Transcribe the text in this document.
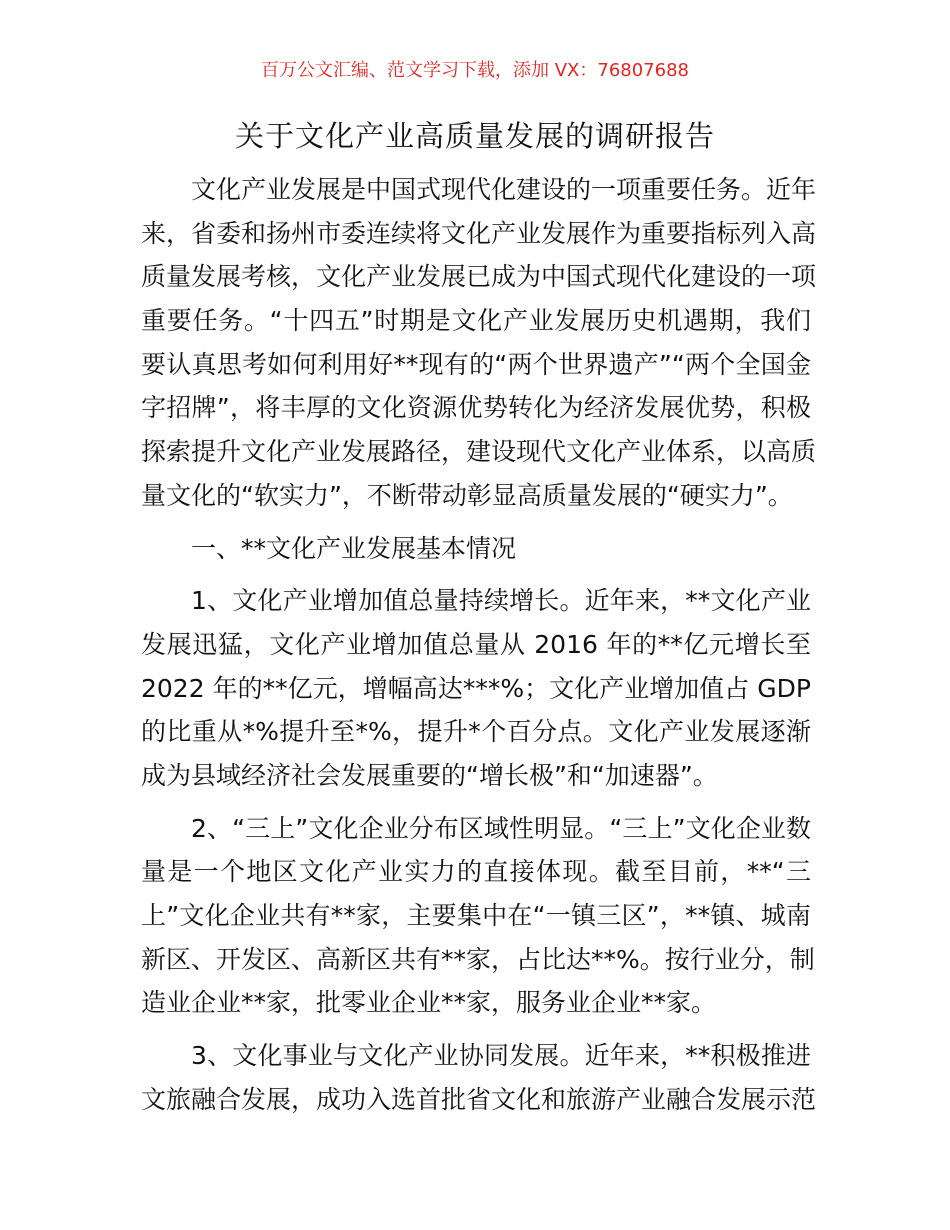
百万公文汇编、范文学习下载，添加 VX：76807688
关于文化产业高质量发展的调研报告
文化产业发展是中国式现代化建设的一项重要任务。近年
来，省委和扬州市委连续将文化产业发展作为重要指标列入高
质量发展考核，文化产业发展已成为中国式现代化建设的一项
重要任务。“十四五”时期是文化产业发展历史机遇期，我们
要认真思考如何利用好**现有的“两个世界遗产”“两个全国金
字招牌”，将丰厚的文化资源优势转化为经济发展优势，积极
探索提升文化产业发展路径，建设现代文化产业体系，以高质
量文化的“软实力”，不断带动彰显高质量发展的“硬实力”。
一、**文化产业发展基本情况
1、文化产业增加值总量持续增长。近年来，**文化产业
发展迅猛，文化产业增加值总量从 2016 年的**亿元增长至
2022 年的**亿元，增幅高达***%；文化产业增加值占 GDP
的比重从*%提升至*%，提升*个百分点。文化产业发展逐渐
成为县域经济社会发展重要的“增长极”和“加速器”。
2、“三上”文化企业分布区域性明显。“三上”文化企业数
量是一个地区文化产业实力的直接体现。截至目前，**“三
上”文化企业共有**家，主要集中在“一镇三区”，**镇、城南
新区、开发区、高新区共有**家，占比达**%。按行业分，制
造业企业**家，批零业企业**家，服务业企业**家。
3、文化事业与文化产业协同发展。近年来，**积极推进
文旅融合发展，成功入选首批省文化和旅游产业融合发展示范
